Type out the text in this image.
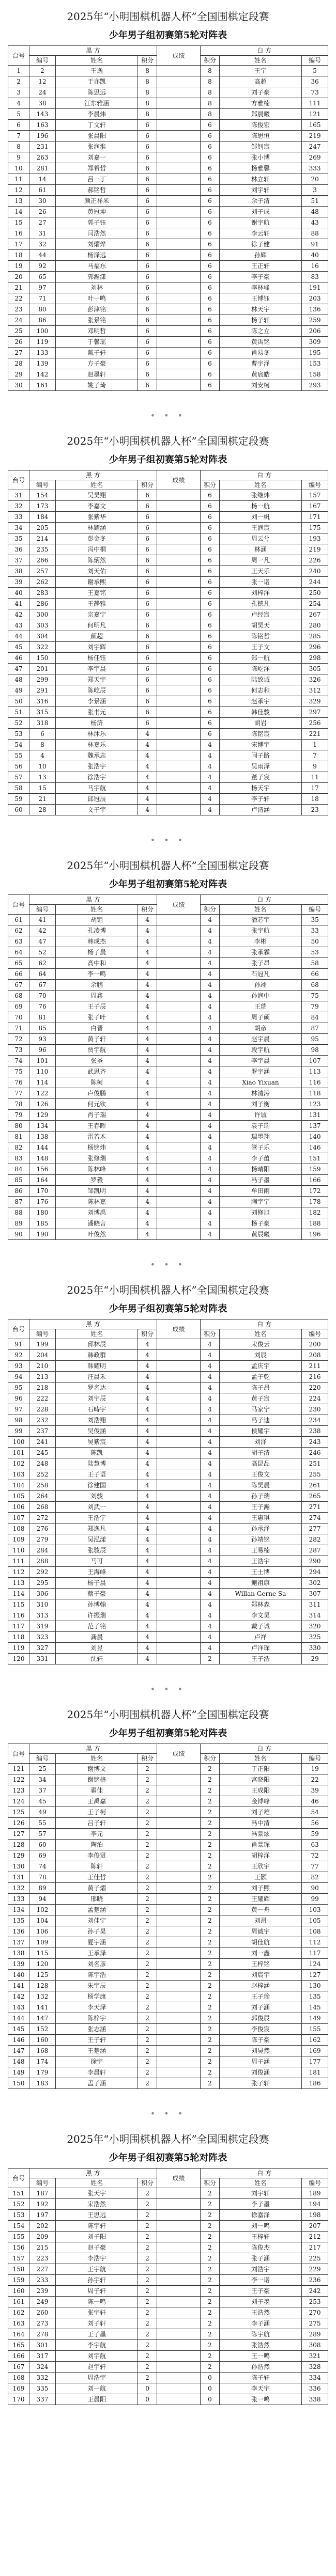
2025年“小明围棋机器人杯”全国围棋定段赛
少年男子组初赛第5轮对阵表
台号	黑 方			成绩	白 方		
	编号	姓名	积分		积分	姓名	编号
1	2	王逸	8		8	王宁	5
2	12	于亦凯	8		8	高超	36
3	24	陈思远	8		8	刘子豪	73
4	38	江东雅涵	8		8	方雅楠	111
5	143	李晨炜	8		8	郑晨曦	121
6	163	丁文轩	6		6	陈俊宏	165
7	196	张晨阳	6		6	陈思恒	219
8	231	张润淮	6		6	邹钊宸	247
9	263	刘嘉一	6		6	张小博	269
10	281	郑希哲	6		6	杨雅馨	333
11	14	吕一丁	6		6	林立轩	20
12	61	郝铭哲	6		6	刘宇轩	3
13	30	颜正祥米	6		6	余子清	51
14	26	黄冠坤	6		6	刘子成	48
15	27	郭子钰	6		6	谢宇航	43
16	31	闫浩然	6		6	李云轩	88
17	32	刘熠烨	6		6	徐子健	91
18	44	杨泽远	6		6	孙辉	40
19	92	马福东	6		6	王正轩	16
20	65	郭瀚潇	6		6	李子豪	83
21	97	刘林	6		6	李林峰	191
22	71	叶一鸣	6		6	王博钰	203
23	80	彭津铭	6		6	林天宇	136
24	86	张景铭	6		6	杨子轩	259
25	100	邓明哲	6		6	陈之立	206
26	119	于馨瑶	6		6	黄禹铭	309
27	133	戴子轩	6		6	肖易冬	195
28	139	方子豪	6		6	曹宇泽	153
29	142	赵墨轩	6		6	黄宸皓	158
30	161	姚子琦	6		6	刘安柯	293
• • •
2025年“小明围棋机器人杯”全国围棋定段赛
少年男子组初赛第5轮对阵表
台号	黑 方			成绩	白 方		
	编号	姓名	积分		积分	姓名	编号
31	154	吴昊翔	6		6	张继炜	157
32	173	李嘉文	6		6	杨一航	167
33	184	张紫华	6		6	刘一帆	171
34	205	林耀涵	6		6	王润宸	175
35	214	彭金冬	6		6	周云兮	193
36	235	冯中桐	6		6	林涵	219
37	266	陈炳然	6		6	周一凡	226
38	257	刘天佑	6		6	王天乐	240
39	262	谢承熙	6		6	张一诺	244
40	283	王嘉铭	6		6	刘梓洋	250
41	286	王静雅	6		6	孔德凡	254
42	300	宗嘉宁	6		6	卢经宸	267
43	303	何明凡	6		6	胡昊天	280
44	304	颜超	6		6	陈铭哲	285
45	322	刘宇辉	6		6	王子文	296
46	150	杨佳钰	6		6	郑一航	298
47	201	李宇晨	6		6	陈屹洋	305
48	299	郑天宇	6		6	陆致诚	326
49	291	陈屹辰	6		6	何志和	312
50	316	李景涵	6		6	赵承宇	329
51	315	张书元	6		6	韩佳骏	297
52	318	杨济	6		6	胡岩	256
53	6	林沐乐	4		6	陈铭宸	221
54	8	林嘉乐	4		4	宋博宇	1
55	4	魏承志	4		4	闫子路	7
56	10	张浩宇	4		4	吴雨泽	9
57	13	徐浩宇	4		4	董子宸	11
58	15	马宇航	4		4	杨天宇	17
59	21	邱冠辰	4		4	李子轩	18
60	28	文子宇	4		4	卢清涵	23
• • •
2025年“小明围棋机器人杯”全国围棋定段赛
少年男子组初赛第5轮对阵表
台号	黑 方			成绩	白 方		
	编号	姓名	积分		积分	姓名	编号
61	41	胡钜	4		4	潘芯宇	35
62	42	孔凌博	4		4	张宇航	33
63	47	韩成杰	4		4	李彬	50
64	52	杨子晨	4		4	张承霖	53
65	62	高中和	4		4	张子昂	58
66	64	李一鸣	4		4	石冠凡	66
67	67	余鹏	4		4	孙翊	68
68	70	周鑫	4		4	孙润中	75
69	76	王子辰	4		4	王瑞	79
70	81	张子叶	4		4	周子硕	84
71	85	白晋	4		4	胡彦	87
72	93	黄子轩	4		4	赵宇晨	95
73	96	贾宇航	4		4	段宇航	98
74	101	张圣	4		4	李宇晨	107
75	110	武思齐	4		4	罗宇涵	113
76	114	陈柯	4		4	Xiao Yixuan	116
77	122	卢俊鹏	4		4	林清涛	118
78	126	何元钦	4		4	刘子衡	123
79	129	肖子瑞	4		4	许诚	131
80	134	王春晖	4		4	袁子瑞	137
81	138	雷若木	4		4	瑞墨翔	140
82	144	杨铭炜	4		4	管子乐	146
83	148	张修瑞	4		4	李子蕴	151
84	156	陈林峰	4		4	杨晴阳	159
85	164	罗毅	4		4	冯子墨	166
86	170	邹凯明	4		4	牟田雨	172
87	176	陈林嘉	4		4	陶宇宁	178
88	180	刘博禹	4		4	刘修旭	182
89	185	潘晓言	4		4	杨子豪	188
90	190	叶俊然	4		4	黄辰曦	196
• • •
2025年“小明围棋机器人杯”全国围棋定段赛
少年男子组初赛第5轮对阵表
台号	黑 方			成绩	白 方		
	编号	姓名	积分		积分	姓名	编号
91	199	邱林辰	4		4	宋俊云	200
92	204	韩政群	4		4	刘辰	208
93	210	韩耀明	4		4	孟庆宇	211
94	213	汪晨禾	4		4	孟子乾	216
95	218	罗名达	4		4	陈子昂	220
96	222	刘宇辰	4		4	黄子宸	224
97	228	石畴宇	4		4	马家宁	230
98	232	刘浩翔	4		4	冯子迪	234
99	237	吴俊涵	4		4	侯耀宇	238
100	241	吴紫宸	4		4	刘泽	243
101	245	陈凯	4		4	胡子清	246
102	248	陆慧博	4		4	高昆品	251
103	252	王子语	4		4	王俊文	255
104	258	徐建国	4		4	陈昊晨	261
105	264	刘骏	4		4	孙子瑞	265
106	268	刘武一	4		4	王子瀚	271
107	272	王浩宁	4		4	王惠琪	274
108	276	郑逸凡	4		4	孙承泽	277
109	279	吴泓漾	4		4	孙靖铭	282
110	284	张骏辰	4		4	王易楠	287
111	288	马可	4		4	王浩宇	290
112	292	王海峰	4		4	王士博	294
113	295	杨子晨	4		4	鲍祖康	302
114	306	蔡子豪	4		4	Willan Gerne Sa	307
115	310	孙博翰	4		4	郑林森	311
116	313	许振瑞	4		4	李文昊	314
117	319	范子铭	4		4	戴子诚	320
118	323	龚晨	4		4	卢祥	325
119	327	刘昱	4		4	卢洋琛	330
120	331	沈轩	4		2	王子浩	29
• • •
2025年“小明围棋机器人杯”全国围棋定段赛
少年男子组初赛第5轮对阵表
台号	黑 方			成绩	白 方		
	编号	姓名	积分		积分	姓名	编号
121	25	谢博文	2		2	于正阳	19
122	34	谢铭格	2		2	宫晓阳	22
123	37	翟佳	2		2	王成阳	39
124	45	王禹嘉	2		2	金博峰	46
125	49	王子柯	2		2	刘子雄	54
126	55	吕子轩	2		2	冯中清	56
127	57	李元	2		2	冯景炫	59
128	60	陶泊	2		2	肖景琛	63
129	69	李俊贤	2		2	胡梓洋	72
130	74	陈轩	2		2	王欣宇	77
131	78	王佳哲	2		2	王颢	82
132	89	黄子熠	2		2	刘子熙	90
133	94	邢晓	2		2	王耀辉	99
134	102	孟楚涵	2		2	黄一舟	103
135	104	刘佳宁	2		2	刘昂	105
136	106	孙子昊	2		2	周诚宇	108
137	109	夏宇涵	2		2	胡佳航	112
138	115	王承泽	2		2	刘一鑫	117
139	120	刘名彦	2		2	王梓铭	124
140	125	陈宇浩	2		2	刘宸宇	127
141	128	朱宇辰	2		2	赵梓涵	130
142	132	杨学康	2		2	王子瑜	135
143	141	李天泽	2		2	刘子涵	145
144	147	陈梓宇	2		2	郭俊辰	149
145	152	张志涵	2		2	李俊宸	155
146	160	王子轩	2		2	陈子豪	162
147	168	王楚涵	2		2	刘昊然	169
148	174	徐宇	2		2	周子涵	177
149	179	李晨轩	2		2	刘俊涵	181
150	183	孟子涵	2		2	张子轩	186
• • •
2025年“小明围棋机器人杯”全国围棋定段赛
少年男子组初赛第5轮对阵表
台号	黑 方			成绩	白 方		
	编号	姓名	积分		积分	姓名	编号
151	187	张天宇	2		2	刘宇轩	189
152	192	宋浩然	2		2	李子墨	194
153	197	王思远	2		2	徐嘉泽	198
154	202	陈宇轩	2		2	刘一鸣	207
155	209	刘子阳	2		2	王梓轩	212
156	215	赵子豪	2		2	陈俊杰	217
157	223	李浩宇	2		2	张子涵	225
158	227	王宇航	2		2	刘浩宇	229
159	233	孙宇轩	2		2	李一诺	236
160	239	周子轩	2		2	王子豪	242
161	249	陈一鸣	2		2	刘子墨	253
162	260	张宇轩	2		2	王浩然	270
163	273	刘子轩	2		2	李子涵	275
164	278	王子墨	2		2	陈宇航	289
165	301	李宇航	2		2	张浩然	308
166	317	刘宇航	2		2	王一鸣	321
167	324	赵宇轩	2		2	孙浩然	328
168	332	周浩宇	2		0	陈子轩	334
169	335	刘一航	0		0	李天宇	336
170	337	王晨阳	0		0	张一鸣	338
